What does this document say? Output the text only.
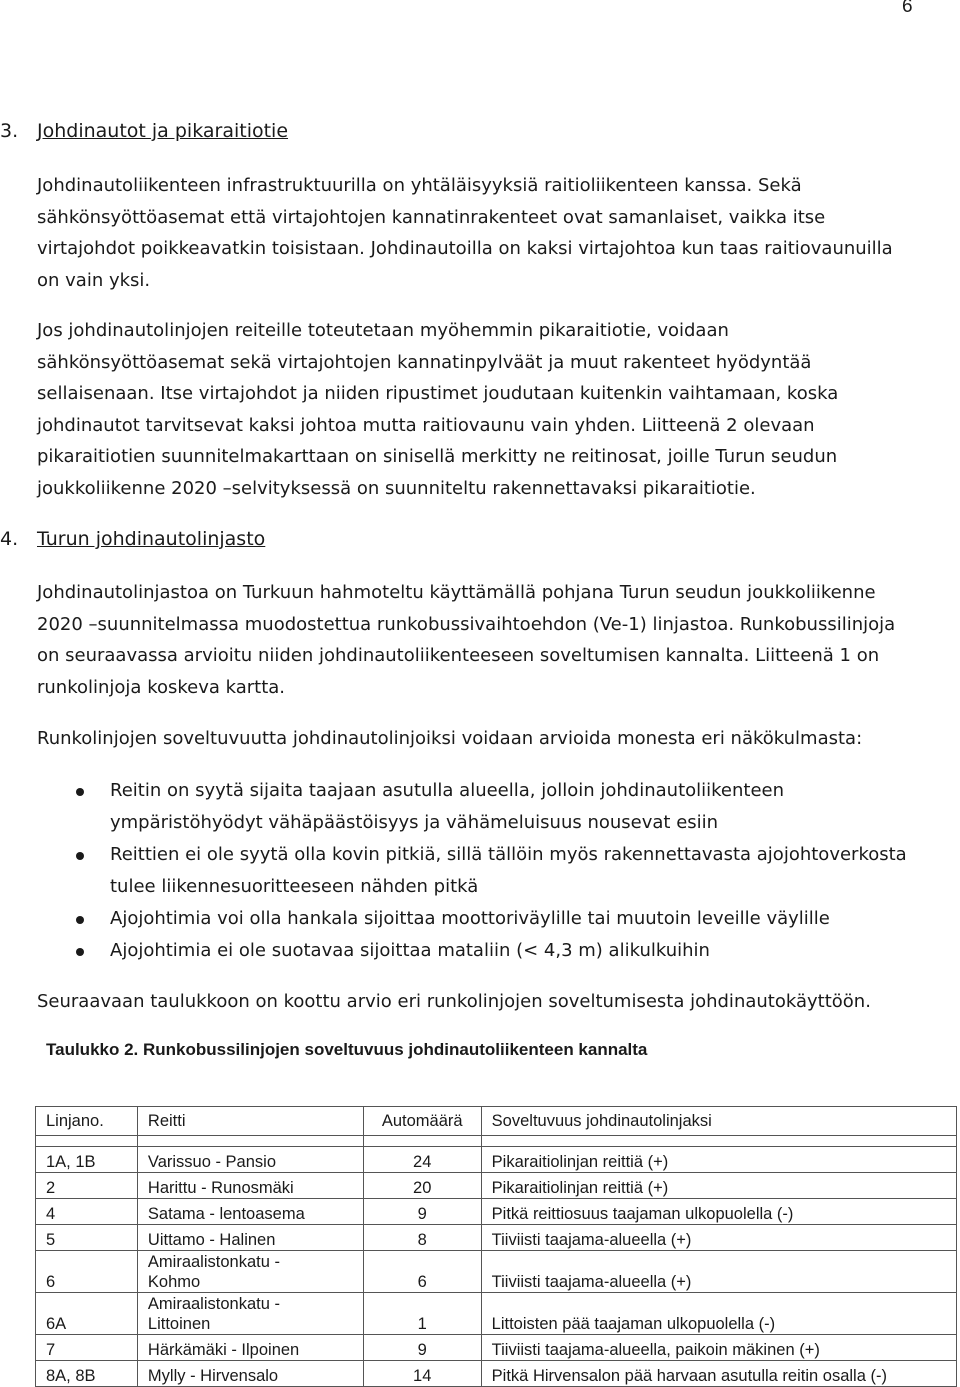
6
3. Johdinautot ja pikaraitiotie

Johdinautoliikenteen infrastruktuurilla on yhtäläisyyksiä raitioliikenteen kanssa. Sekä
sähkönsyöttöasemat että virtajohtojen kannatinrakenteet ovat samanlaiset, vaikka itse
virtajohdot poikkeavatkin toisistaan. Johdinautoilla on kaksi virtajohtoa kun taas raitiovaunuilla
on vain yksi.

Jos johdinautolinjojen reiteille toteutetaan myöhemmin pikaraitiotie, voidaan
sähkönsyöttöasemat sekä virtajohtojen kannatinpylväät ja muut rakenteet hyödyntää
sellaisenaan. Itse virtajohdot ja niiden ripustimet joudutaan kuitenkin vaihtamaan, koska
johdinautot tarvitsevat kaksi johtoa mutta raitiovaunu vain yhden. Liitteenä 2 olevaan
pikaraitiotien suunnitelmakarttaan on sinisellä merkitty ne reitinosat, joille Turun seudun
joukkoliikenne 2020 –selvityksessä on suunniteltu rakennettavaksi pikaraitiotie.

4. Turun johdinautolinjasto

Johdinautolinjastoa on Turkuun hahmoteltu käyttämällä pohjana Turun seudun joukkoliikenne
2020 –suunnitelmassa muodostettua runkobussivaihtoehdon (Ve-1) linjastoa. Runkobussilinjoja
on seuraavassa arvioitu niiden johdinautoliikenteeseen soveltumisen kannalta. Liitteenä 1 on
runkolinjoja koskeva kartta.

Runkolinjojen soveltuvuutta johdinautolinjoiksi voidaan arvioida monesta eri näkökulmasta:

Reitin on syytä sijaita taajaan asutulla alueella, jolloin johdinautoliikenteen
ympäristöhyödyt vähäpäästöisyys ja vähämeluisuus nousevat esiin
Reittien ei ole syytä olla kovin pitkiä, sillä tällöin myös rakennettavasta ajojohtoverkosta
tulee liikennesuoritteeseen nähden pitkä
Ajojohtimia voi olla hankala sijoittaa moottoriväylille tai muutoin leveille väylille
Ajojohtimia ei ole suotavaa sijoittaa mataliin (< 4,3 m) alikulkuihin

Seuraavaan taulukkoon on koottu arvio eri runkolinjojen soveltumisesta johdinautokäyttöön.

Taulukko 2. Runkobussilinjojen soveltuvuus johdinautoliikenteen kannalta
Linjano.	Reitti	Automäärä	Soveltuvuus johdinautolinjaksi

1A, 1B	Varissuo - Pansio	24	Pikaraitiolinjan reittiä (+)
2	Harittu - Runosmäki	20	Pikaraitiolinjan reittiä (+)
4	Satama - lentoasema	9	Pitkä reittiosuus taajaman ulkopuolella (-)
5	Uittamo - Halinen	8	Tiiviisti taajama-alueella (+)
6	Amiraalistonkatu -
Kohmo	6	Tiiviisti taajama-alueella (+)
6A	Amiraalistonkatu -
Littoinen	1	Littoisten pää taajaman ulkopuolella (-)
7	Härkämäki - Ilpoinen	9	Tiiviisti taajama-alueella, paikoin mäkinen (+)
8A, 8B	Mylly - Hirvensalo	14	Pitkä Hirvensalon pää harvaan asutulla reitin osalla (-)
